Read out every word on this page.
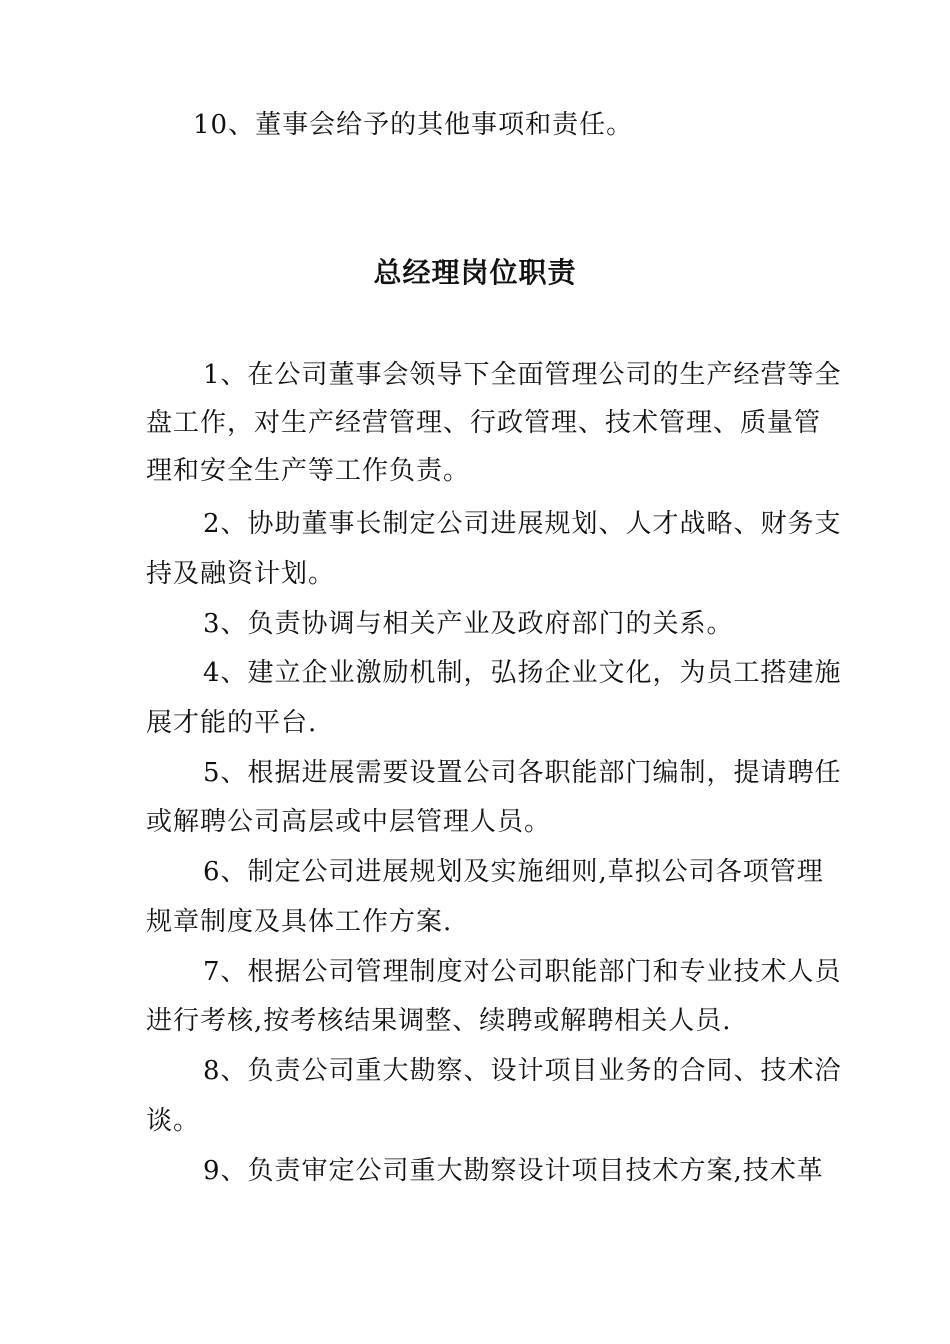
10、董事会给予的其他事项和责任。
总经理岗位职责
1、在公司董事会领导下全面管理公司的生产经营等全
盘工作，对生产经营管理、行政管理、技术管理、质量管
理和安全生产等工作负责。
2、协助董事长制定公司进展规划、人才战略、财务支
持及融资计划。
3、负责协调与相关产业及政府部门的关系。
4、建立企业激励机制，弘扬企业文化，为员工搭建施
展才能的平台.
5、根据进展需要设置公司各职能部门编制，提请聘任
或解聘公司高层或中层管理人员。
6、制定公司进展规划及实施细则,草拟公司各项管理
规章制度及具体工作方案.
7、根据公司管理制度对公司职能部门和专业技术人员
进行考核,按考核结果调整、续聘或解聘相关人员.
8、负责公司重大勘察、设计项目业务的合同、技术洽
谈。
9、负责审定公司重大勘察设计项目技术方案,技术革
